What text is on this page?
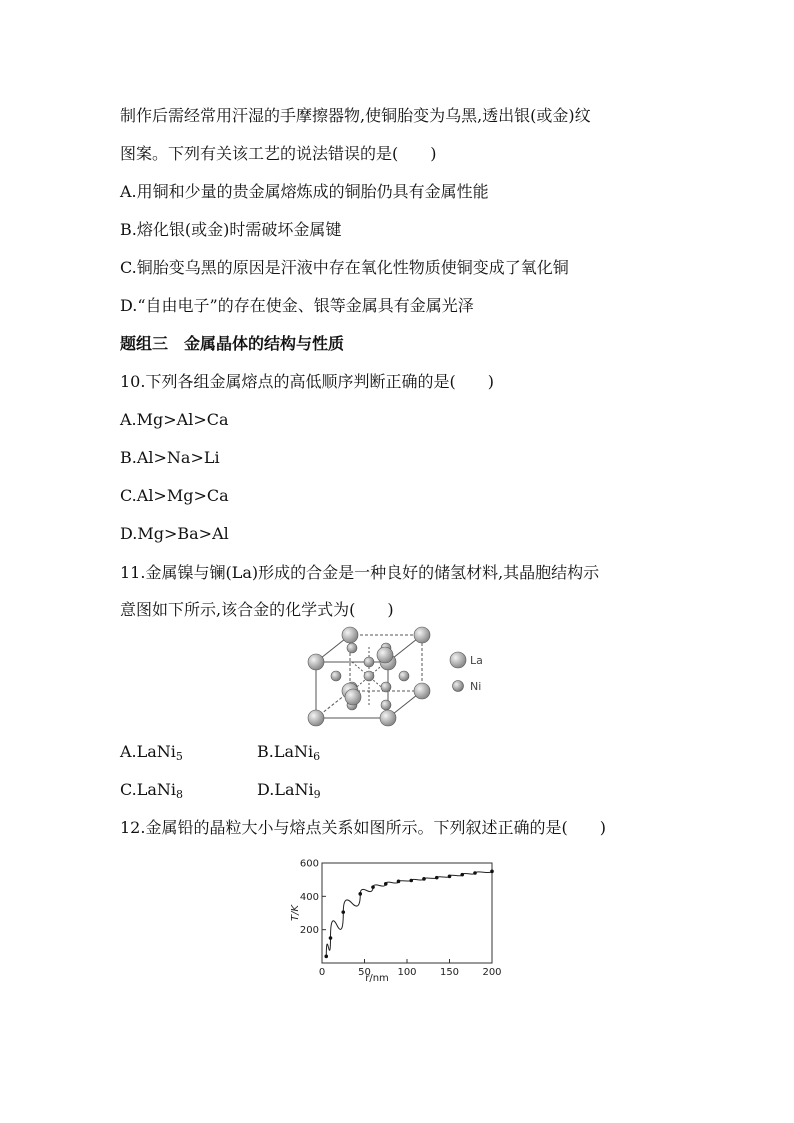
制作后需经常用汗湿的手摩擦器物,使铜胎变为乌黑,透出银(或金)纹
图案。下列有关该工艺的说法错误的是(　　)
A.用铜和少量的贵金属熔炼成的铜胎仍具有金属性能
B.熔化银(或金)时需破坏金属键
C.铜胎变乌黑的原因是汗液中存在氧化性物质使铜变成了氧化铜
D.“自由电子”的存在使金、银等金属具有金属光泽
题组三　金属晶体的结构与性质
10.下列各组金属熔点的高低顺序判断正确的是(　　)
A.Mg>Al>Ca
B.Al>Na>Li
C.Al>Mg>Ca
D.Mg>Ba>Al
11.金属镍与镧(La)形成的合金是一种良好的储氢材料,其晶胞结构示
意图如下所示,该合金的化学式为(　　)
La
Ni
A.LaNi$_5$	B.LaNi$_6$
C.LaNi$_8$	D.LaNi$_9$
12.金属铅的晶粒大小与熔点关系如图所示。下列叙述正确的是(　　)
200
400
600
0	50	100 150 200
T/K
r/nm
